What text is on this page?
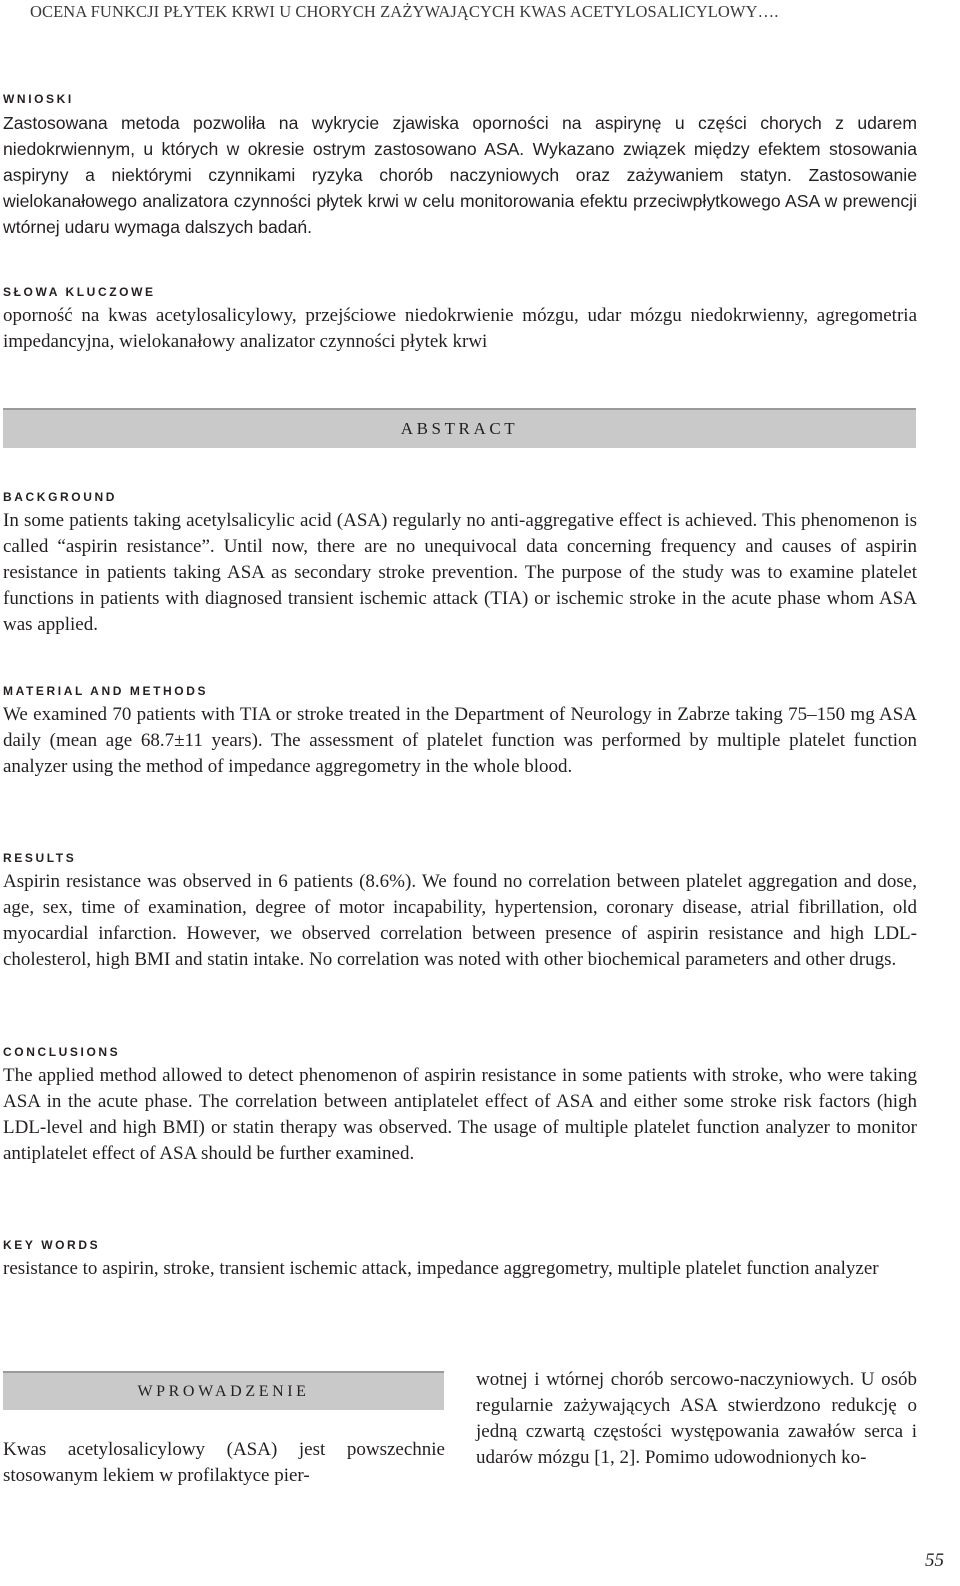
OCENA FUNKCJI PŁYTEK KRWI U CHORYCH ZAŻYWAJĄCYCH KWAS ACETYLOSALICYLOWY….
WNIOSKI

Zastosowana metoda pozwoliła na wykrycie zjawiska oporności na aspirynę u części chorych z udarem niedokrwiennym, u których w okresie ostrym zastosowano ASA. Wykazano związek między efektem stosowania aspiryny a niektórymi czynnikami ryzyka chorób naczyniowych oraz zażywaniem statyn. Zastosowanie wielokanałowego analizatora czynności płytek krwi w celu monitorowania efektu przeciwpłytkowego ASA w prewencji wtórnej udaru wymaga dalszych badań.

SŁOWA KLUCZOWE

oporność na kwas acetylosalicylowy, przejściowe niedokrwienie mózgu, udar mózgu niedokrwienny, agregometria impedancyjna, wielokanałowy analizator czynności płytek krwi

ABSTRACT
BACKGROUND

In some patients taking acetylsalicylic acid (ASA) regularly no anti-aggregative effect is achieved. This phenomenon is called “aspirin resistance”. Until now, there are no unequivocal data concerning frequency and causes of aspirin resistance in patients taking ASA as secondary stroke prevention. The purpose of the study was to examine platelet functions in patients with diagnosed transient ischemic attack (TIA) or ischemic stroke in the acute phase whom ASA was applied.

MATERIAL AND METHODS

We examined 70 patients with TIA or stroke treated in the Department of Neurology in Zabrze taking 75–150 mg ASA daily (mean age 68.7±11 years). The assessment of platelet function was performed by multiple platelet function analyzer using the method of impedance aggregometry in the whole blood.

RESULTS

Aspirin resistance was observed in 6 patients (8.6%). We found no correlation between platelet aggregation and dose, age, sex, time of examination, degree of motor incapability, hypertension, coronary disease, atrial fibrillation, old myocardial infarction. However, we observed correlation between presence of aspirin resistance and high LDL-cholesterol, high BMI and statin intake. No correlation was noted with other biochemical parameters and other drugs.

CONCLUSIONS

The applied method allowed to detect phenomenon of aspirin resistance in some patients with stroke, who were taking ASA in the acute phase. The correlation between antiplatelet effect of ASA and either some stroke risk factors (high LDL-level and high BMI) or statin therapy was observed. The usage of multiple platelet function analyzer to monitor antiplatelet effect of ASA should be further examined.

KEY WORDS

resistance to aspirin, stroke, transient ischemic attack, impedance aggregometry, multiple platelet function analyzer

WPROWADZENIE

Kwas acetylosalicylowy (ASA) jest powszechnie stosowanym lekiem w profilaktyce pier-

wotnej i wtórnej chorób sercowo-naczyniowych. U osób regularnie zażywających ASA stwierdzono redukcję o jedną czwartą częstości występowania zawałów serca i udarów mózgu [1, 2]. Pomimo udowodnionych ko-

55
